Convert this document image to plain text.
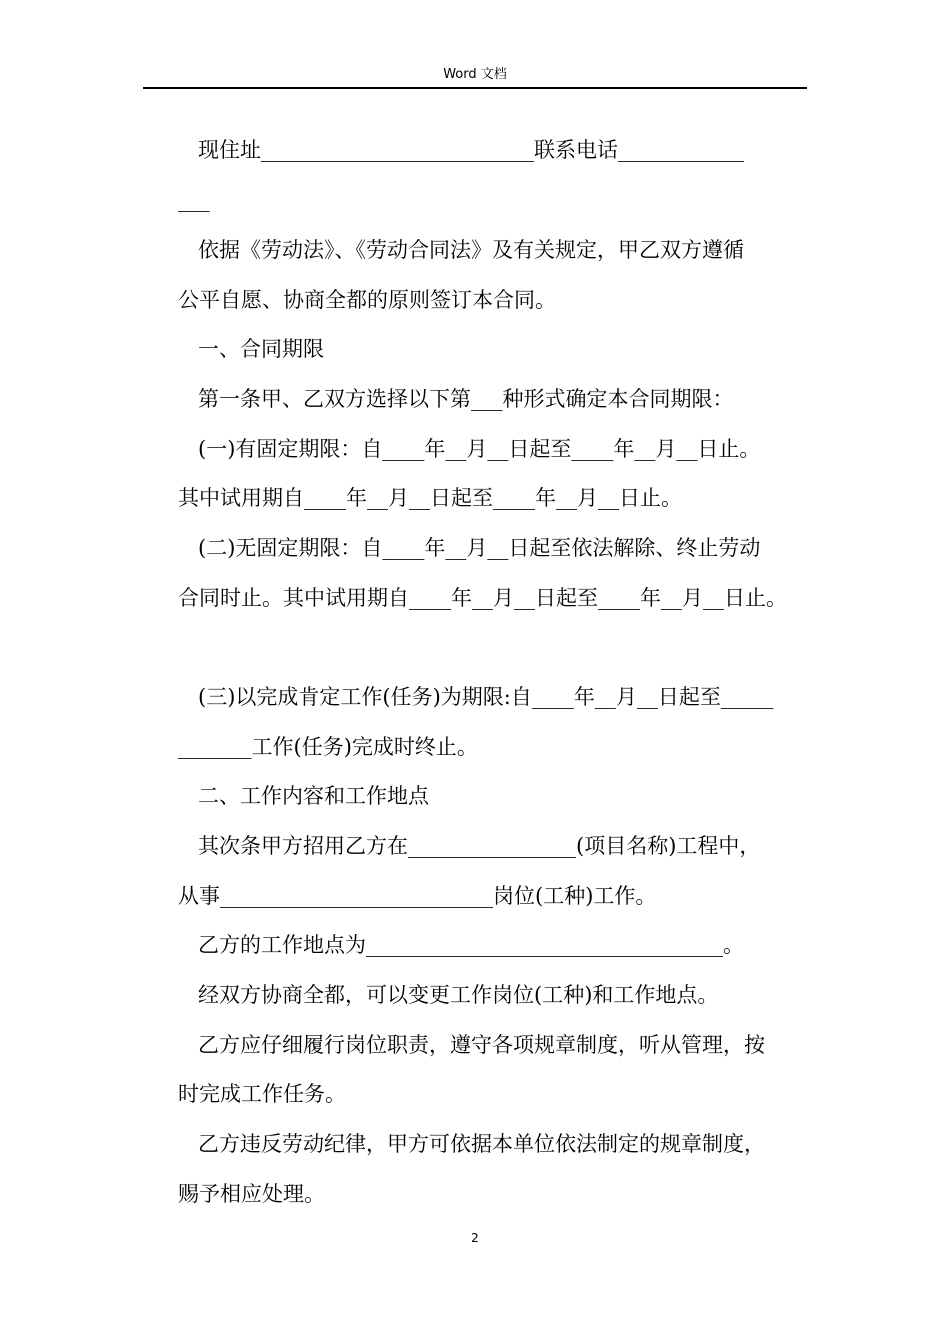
Word 文档
现住址__________________________联系电话____________
___
依据《劳动法》、《劳动合同法》及有关规定，甲乙双方遵循
公平自愿、协商全都的原则签订本合同。
一、合同期限
第一条甲、乙双方选择以下第___种形式确定本合同期限：
(一)有固定期限：自____年__月__日起至____年__月__日止。
其中试用期自____年__月__日起至____年__月__日止。
(二)无固定期限：自____年__月__日起至依法解除、终止劳动
合同时止。其中试用期自____年__月__日起至____年__月__日止。
(三)以完成肯定工作(任务)为期限:自____年__月__日起至_____
_______工作(任务)完成时终止。
二、工作内容和工作地点
其次条甲方招用乙方在________________(项目名称)工程中，
从事__________________________岗位(工种)工作。
乙方的工作地点为__________________________________。
经双方协商全都，可以变更工作岗位(工种)和工作地点。
乙方应仔细履行岗位职责，遵守各项规章制度，听从管理，按
时完成工作任务。
乙方违反劳动纪律，甲方可依据本单位依法制定的规章制度，
赐予相应处理。
2
